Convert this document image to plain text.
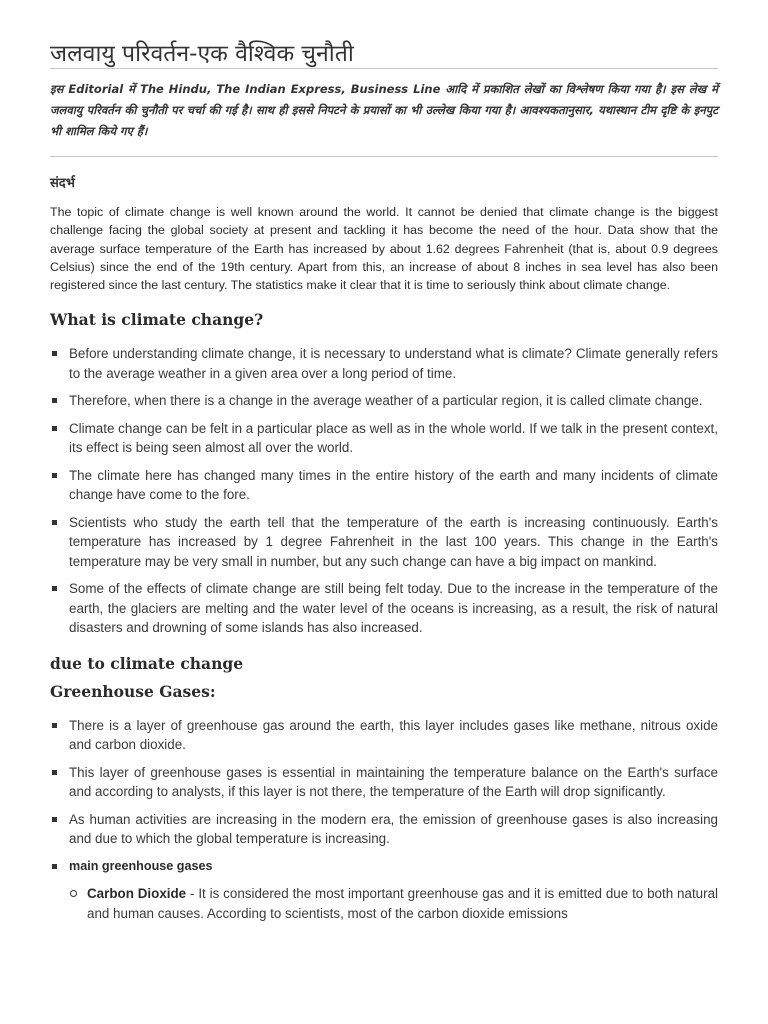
जलवायु परिवर्तन-एक वैश्विक चुनौती

इस Editorial में The Hindu, The Indian Express, Business Line आदि में प्रकाशित लेखों का विश्लेषण किया गया है। इस लेख में जलवायु परिवर्तन की चुनौती पर चर्चा की गई है। साथ ही इससे निपटने के प्रयासों का भी उल्लेख किया गया है। आवश्यकतानुसार, यथास्थान टीम दृष्टि के इनपुट भी शामिल किये गए हैं।

संदर्भ

The topic of climate change is well known around the world. It cannot be denied that climate change is the biggest challenge facing the global society at present and tackling it has become the need of the hour. Data show that the average surface temperature of the Earth has increased by about 1.62 degrees Fahrenheit (that is, about 0.9 degrees Celsius) since the end of the 19th century. Apart from this, an increase of about 8 inches in sea level has also been registered since the last century. The statistics make it clear that it is time to seriously think about climate change.

What is climate change?
Before understanding climate change, it is necessary to understand what is climate? Climate generally refers to the average weather in a given area over a long period of time.
Therefore, when there is a change in the average weather of a particular region, it is called climate change.
Climate change can be felt in a particular place as well as in the whole world. If we talk in the present context, its effect is being seen almost all over the world.
The climate here has changed many times in the entire history of the earth and many incidents of climate change have come to the fore.
Scientists who study the earth tell that the temperature of the earth is increasing continuously. Earth's temperature has increased by 1 degree Fahrenheit in the last 100 years. This change in the Earth's temperature may be very small in number, but any such change can have a big impact on mankind.
Some of the effects of climate change are still being felt today. Due to the increase in the temperature of the earth, the glaciers are melting and the water level of the oceans is increasing, as a result, the risk of natural disasters and drowning of some islands has also increased.
due to climate change
Greenhouse Gases:
There is a layer of greenhouse gas around the earth, this layer includes gases like methane, nitrous oxide and carbon dioxide.
This layer of greenhouse gases is essential in maintaining the temperature balance on the Earth's surface and according to analysts, if this layer is not there, the temperature of the Earth will drop significantly.
As human activities are increasing in the modern era, the emission of greenhouse gases is also increasing and due to which the global temperature is increasing.
main greenhouse gases
Carbon Dioxide - It is considered the most important greenhouse gas and it is emitted due to both natural and human causes. According to scientists, most of the carbon dioxide emissions
